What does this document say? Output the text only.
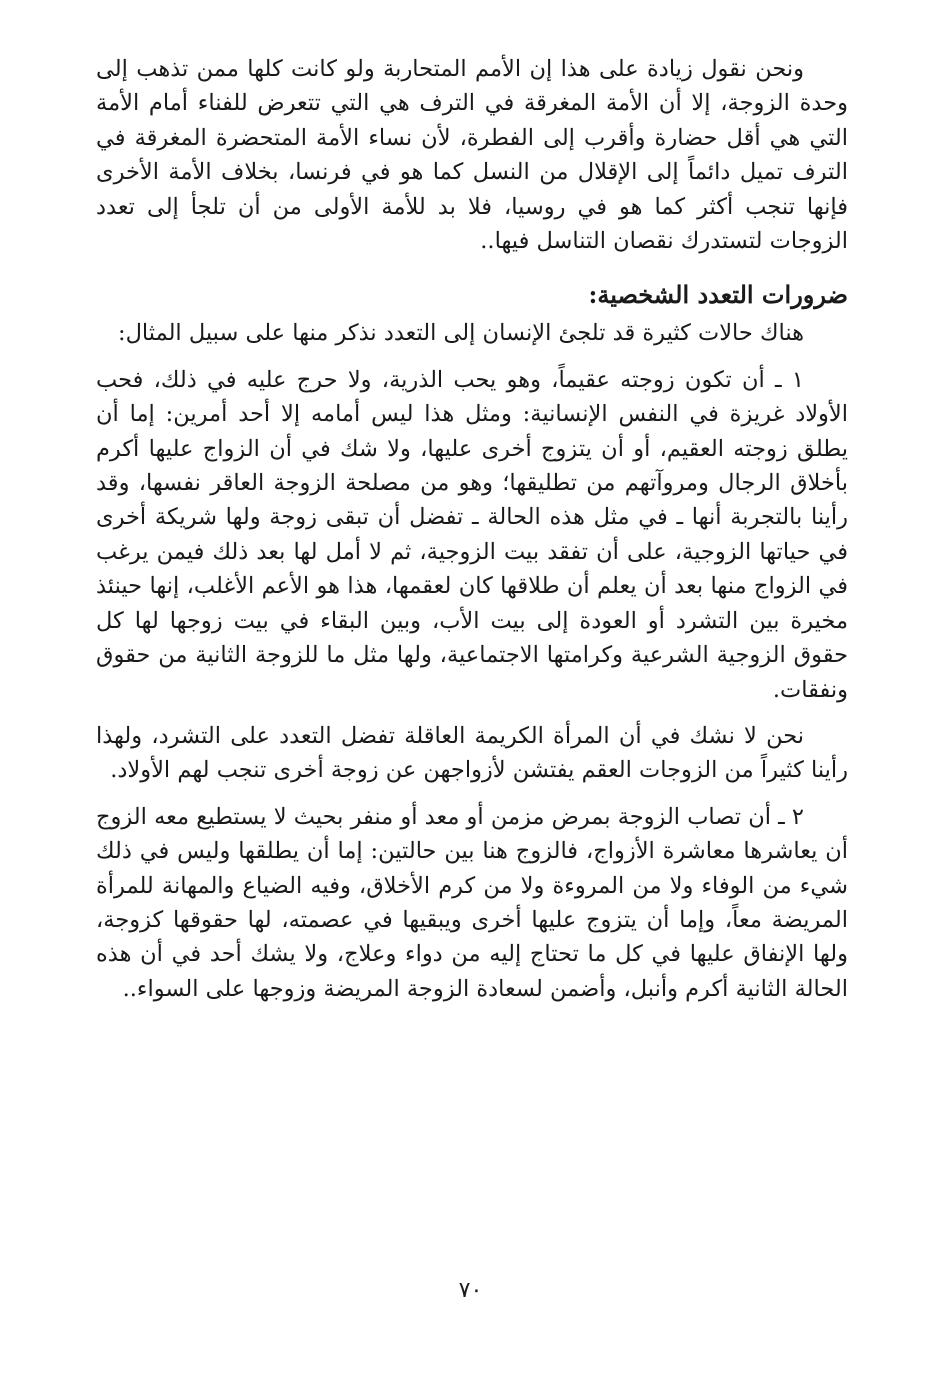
ونحن نقول زيادة على هذا إن الأمم المتحاربة ولو كانت كلها ممن تذهب إلى وحدة الزوجة، إلا أن الأمة المغرقة في الترف هي التي تتعرض للفناء أمام الأمة التي هي أقل حضارة وأقرب إلى الفطرة، لأن نساء الأمة المتحضرة المغرقة في الترف تميل دائماً إلى الإقلال من النسل كما هو في فرنسا، بخلاف الأمة الأخرى فإنها تنجب أكثر كما هو في روسيا، فلا بد للأمة الأولى من أن تلجأ إلى تعدد الزوجات لتستدرك نقصان التناسل فيها..

ضرورات التعدد الشخصية:

هناك حالات كثيرة قد تلجئ الإنسان إلى التعدد نذكر منها على سبيل المثال:

١ ـ أن تكون زوجته عقيماً، وهو يحب الذرية، ولا حرج عليه في ذلك، فحب الأولاد غريزة في النفس الإنسانية: ومثل هذا ليس أمامه إلا أحد أمرين: إما أن يطلق زوجته العقيم، أو أن يتزوج أخرى عليها، ولا شك في أن الزواج عليها أكرم بأخلاق الرجال ومروآتهم من تطليقها؛ وهو من مصلحة الزوجة العاقر نفسها، وقد رأينا بالتجربة أنها ـ في مثل هذه الحالة ـ تفضل أن تبقى زوجة ولها شريكة أخرى في حياتها الزوجية، على أن تفقد بيت الزوجية، ثم لا أمل لها بعد ذلك فيمن يرغب في الزواج منها بعد أن يعلم أن طلاقها كان لعقمها، هذا هو الأعم الأغلب، إنها حينئذ مخيرة بين التشرد أو العودة إلى بيت الأب، وبين البقاء في بيت زوجها لها كل حقوق الزوجية الشرعية وكرامتها الاجتماعية، ولها مثل ما للزوجة الثانية من حقوق ونفقات.

نحن لا نشك في أن المرأة الكريمة العاقلة تفضل التعدد على التشرد، ولهذا رأينا كثيراً من الزوجات العقم يفتشن لأزواجهن عن زوجة أخرى تنجب لهم الأولاد.

٢ ـ أن تصاب الزوجة بمرض مزمن أو معد أو منفر بحيث لا يستطيع معه الزوج أن يعاشرها معاشرة الأزواج، فالزوج هنا بين حالتين: إما أن يطلقها وليس في ذلك شيء من الوفاء ولا من المروءة ولا من كرم الأخلاق، وفيه الضياع والمهانة للمرأة المريضة معاً، وإما أن يتزوج عليها أخرى ويبقيها في عصمته، لها حقوقها كزوجة، ولها الإنفاق عليها في كل ما تحتاج إليه من دواء وعلاج، ولا يشك أحد في أن هذه الحالة الثانية أكرم وأنبل، وأضمن لسعادة الزوجة المريضة وزوجها على السواء..

٧٠
